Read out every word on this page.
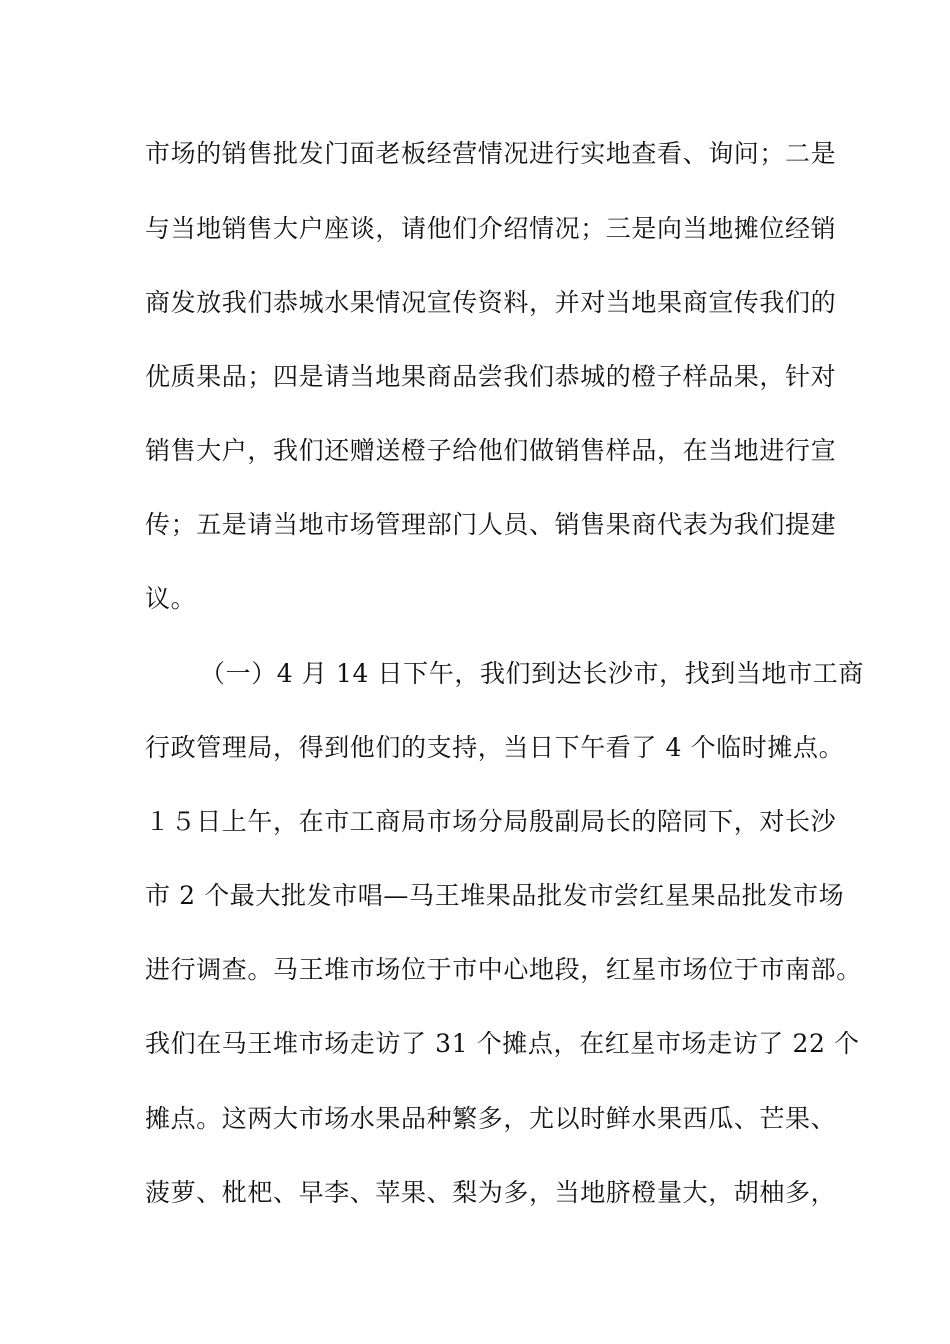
市场的销售批发门面老板经营情况进行实地查看、询问；二是
与当地销售大户座谈，请他们介绍情况；三是向当地摊位经销
商发放我们恭城水果情况宣传资料，并对当地果商宣传我们的
优质果品；四是请当地果商品尝我们恭城的橙子样品果，针对
销售大户，我们还赠送橙子给他们做销售样品，在当地进行宣
传；五是请当地市场管理部门人员、销售果商代表为我们提建
议。
（一）4 月 14 日下午，我们到达长沙市，找到当地市工商
行政管理局，得到他们的支持，当日下午看了 4 个临时摊点。
１５日上午，在市工商局市场分局殷副局长的陪同下，对长沙
市 2 个最大批发市唱—马王堆果品批发市尝红星果品批发市场
进行调查。马王堆市场位于市中心地段，红星市场位于市南部。
我们在马王堆市场走访了 31 个摊点，在红星市场走访了 22 个
摊点。这两大市场水果品种繁多，尤以时鲜水果西瓜、芒果、
菠萝、枇杷、早李、苹果、梨为多，当地脐橙量大，胡柚多，
